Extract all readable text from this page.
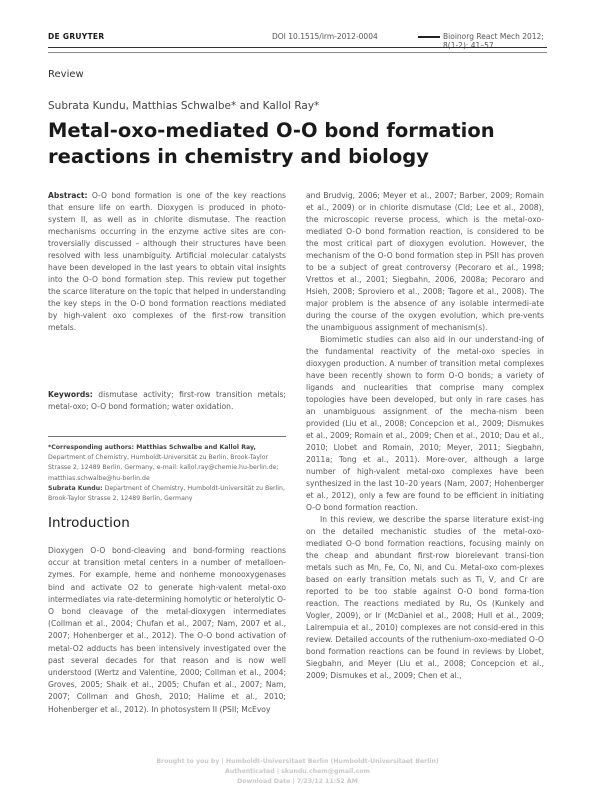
DE GRUYTER	DOI 10.1515/irm-2012-0004	Bioinorg React Mech 2012; 8(1-2): 41–57
Review
Subrata Kundu, Matthias Schwalbe* and Kallol Ray*
Metal-oxo-mediated O-O bond formation reactions in chemistry and biology

Abstract: O-O bond formation is one of the key reactions that ensure life on earth. Dioxygen is produced in photo-system II, as well as in chlorite dismutase. The reaction mechanisms occurring in the enzyme active sites are con-troversially discussed – although their structures have been resolved with less unambiguity. Artificial molecular catalysts have been developed in the last years to obtain vital insights into the O-O bond formation step. This review put together the scarce literature on the topic that helped in understanding the key steps in the O-O bond formation reactions mediated by high-valent oxo complexes of the first-row transition metals.

Keywords: dismutase activity; first-row transition metals; metal-oxo; O-O bond formation; water oxidation.

*Corresponding authors: Matthias Schwalbe and Kallol Ray, Department of Chemistry, Humboldt-Universität zu Berlin, Brook-Taylor Strasse 2, 12489 Berlin, Germany, e-mail: kallol.ray@chemie.hu-berlin.de; matthias.schwalbe@hu-berlin.de
Subrata Kundu: Department of Chemistry, Humboldt-Universität zu Berlin, Brook-Taylor Strasse 2, 12489 Berlin, Germany
Introduction
Dioxygen O-O bond-cleaving and bond-forming reactions occur at transition metal centers in a number of metalloen-zymes. For example, heme and nonheme monooxygenases bind and activate O2 to generate high-valent metal-oxo intermediates via rate-determining homolytic or heterolytic O-O bond cleavage of the metal-dioxygen intermediates (Collman et al., 2004; Chufan et al., 2007; Nam, 2007 et al., 2007; Hohenberger et al., 2012). The O-O bond activation of metal-O2 adducts has been intensively investigated over the past several decades for that reason and is now well understood (Wertz and Valentine, 2000; Collman et al., 2004; Groves, 2005; Shaik et al., 2005; Chufan et al., 2007; Nam, 2007; Collman and Ghosh, 2010; Halime et al., 2010; Hohenberger et al., 2012). In photosystem II (PSII; McEvoy

and Brudvig, 2006; Meyer et al., 2007; Barber, 2009; Romain et al., 2009) or in chlorite dismutase (Cld; Lee et al., 2008), the microscopic reverse process, which is the metal-oxo-mediated O-O bond formation reaction, is considered to be the most critical part of dioxygen evolution. However, the mechanism of the O-O bond formation step in PSII has proven to be a subject of great controversy (Pecoraro et al., 1998; Vrettos et al., 2001; Siegbahn, 2006, 2008a; Pecoraro and Hsieh, 2008; Sproviero et al., 2008; Tagore et al., 2008). The major problem is the absence of any isolable intermedi-ate during the course of the oxygen evolution, which pre-vents the unambiguous assignment of mechanism(s).

Biomimetic studies can also aid in our understand-ing of the fundamental reactivity of the metal-oxo species in dioxygen production. A number of transition metal complexes have been recently shown to form O-O bonds; a variety of ligands and nuclearities that comprise many complex topologies have been developed, but only in rare cases has an unambiguous assignment of the mecha-nism been provided (Liu et al., 2008; Concepcion et al., 2009; Dismukes et al., 2009; Romain et al., 2009; Chen et al., 2010; Dau et al., 2010; Llobet and Romain, 2010; Meyer, 2011; Siegbahn, 2011a; Tong et al., 2011). More-over, although a large number of high-valent metal-oxo complexes have been synthesized in the last 10–20 years (Nam, 2007; Hohenberger et al., 2012), only a few are found to be efficient in initiating O-O bond formation reaction.

In this review, we describe the sparse literature exist-ing on the detailed mechanistic studies of the metal-oxo-mediated O-O bond formation reactions, focusing mainly on the cheap and abundant first-row biorelevant transi-tion metals such as Mn, Fe, Co, Ni, and Cu. Metal-oxo com-plexes based on early transition metals such as Ti, V, and Cr are reported to be too stable against O-O bond forma-tion reaction. The reactions mediated by Ru, Os (Kunkely and Vogler, 2009), or Ir (McDaniel et al., 2008; Hull et al., 2009; Lalrempuia et al., 2010) complexes are not consid-ered in this review. Detailed accounts of the ruthenium-oxo-mediated O-O bond formation reactions can be found in reviews by Llobet, Siegbahn, and Meyer (Liu et al., 2008; Concepcion et al., 2009; Dismukes et al., 2009; Chen et al.,

Brought to you by | Humboldt-Universitaet Berlin (Humboldt-Universitaet Berlin)
Authenticated | skundu.chem@gmail.com
Download Date | 7/23/12 11:52 AM
